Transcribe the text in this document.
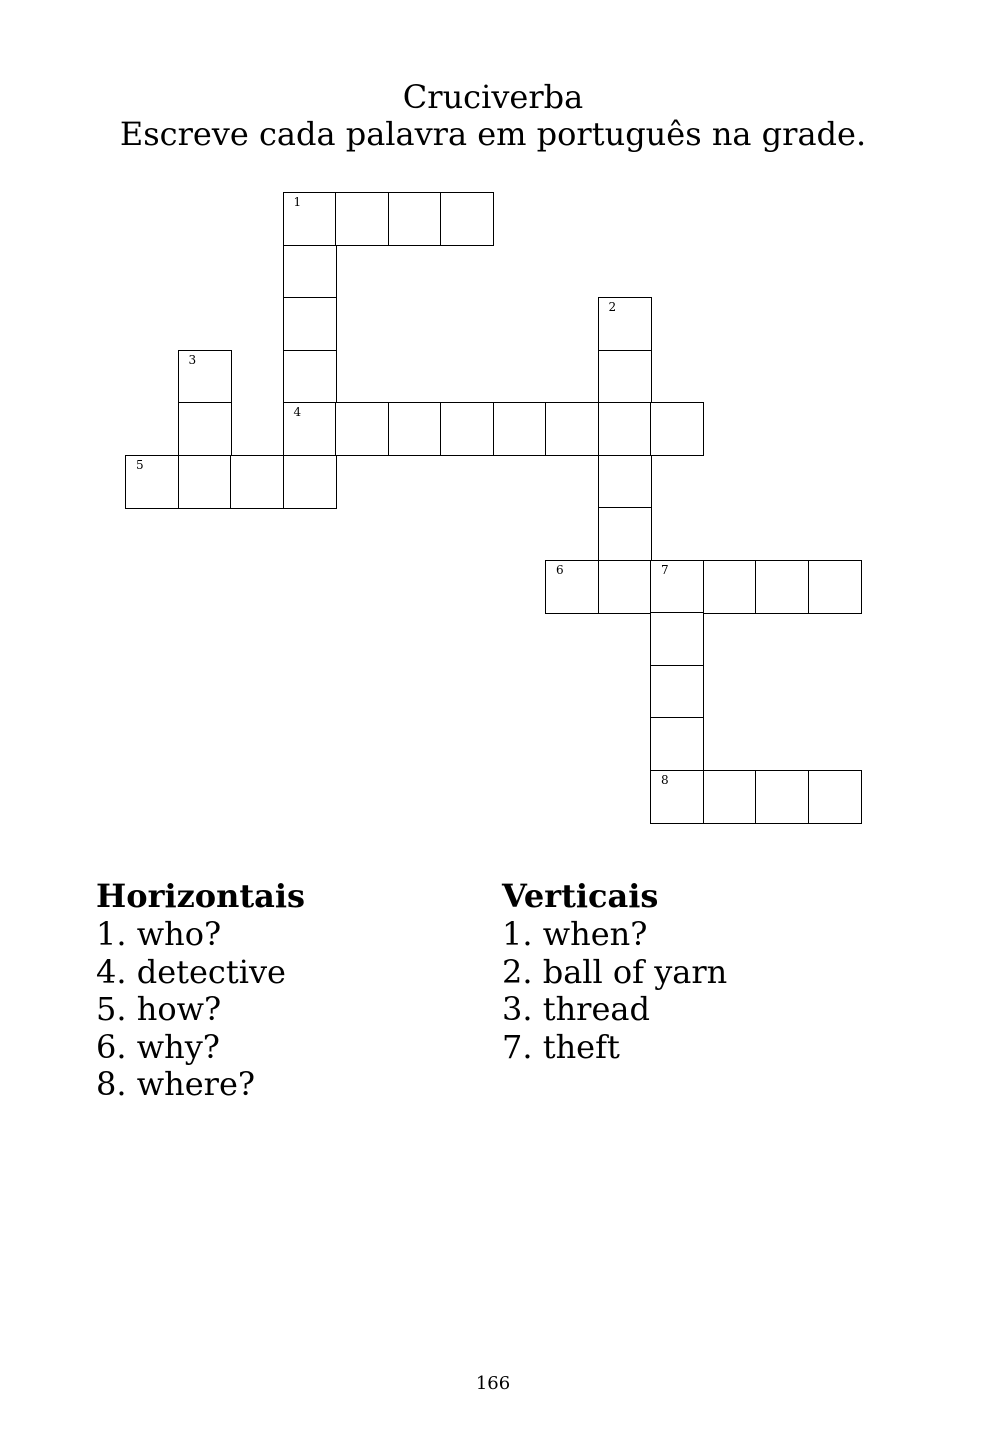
Cruciverba
Escreve cada palavra em português na grade.
1
2
3
4
5
6	7
8
Horizontais
1. who?
4. detective
5. how?
6. why?
8. where?
Verticais
1. when?
2. ball of yarn
3. thread
7. theft
166
